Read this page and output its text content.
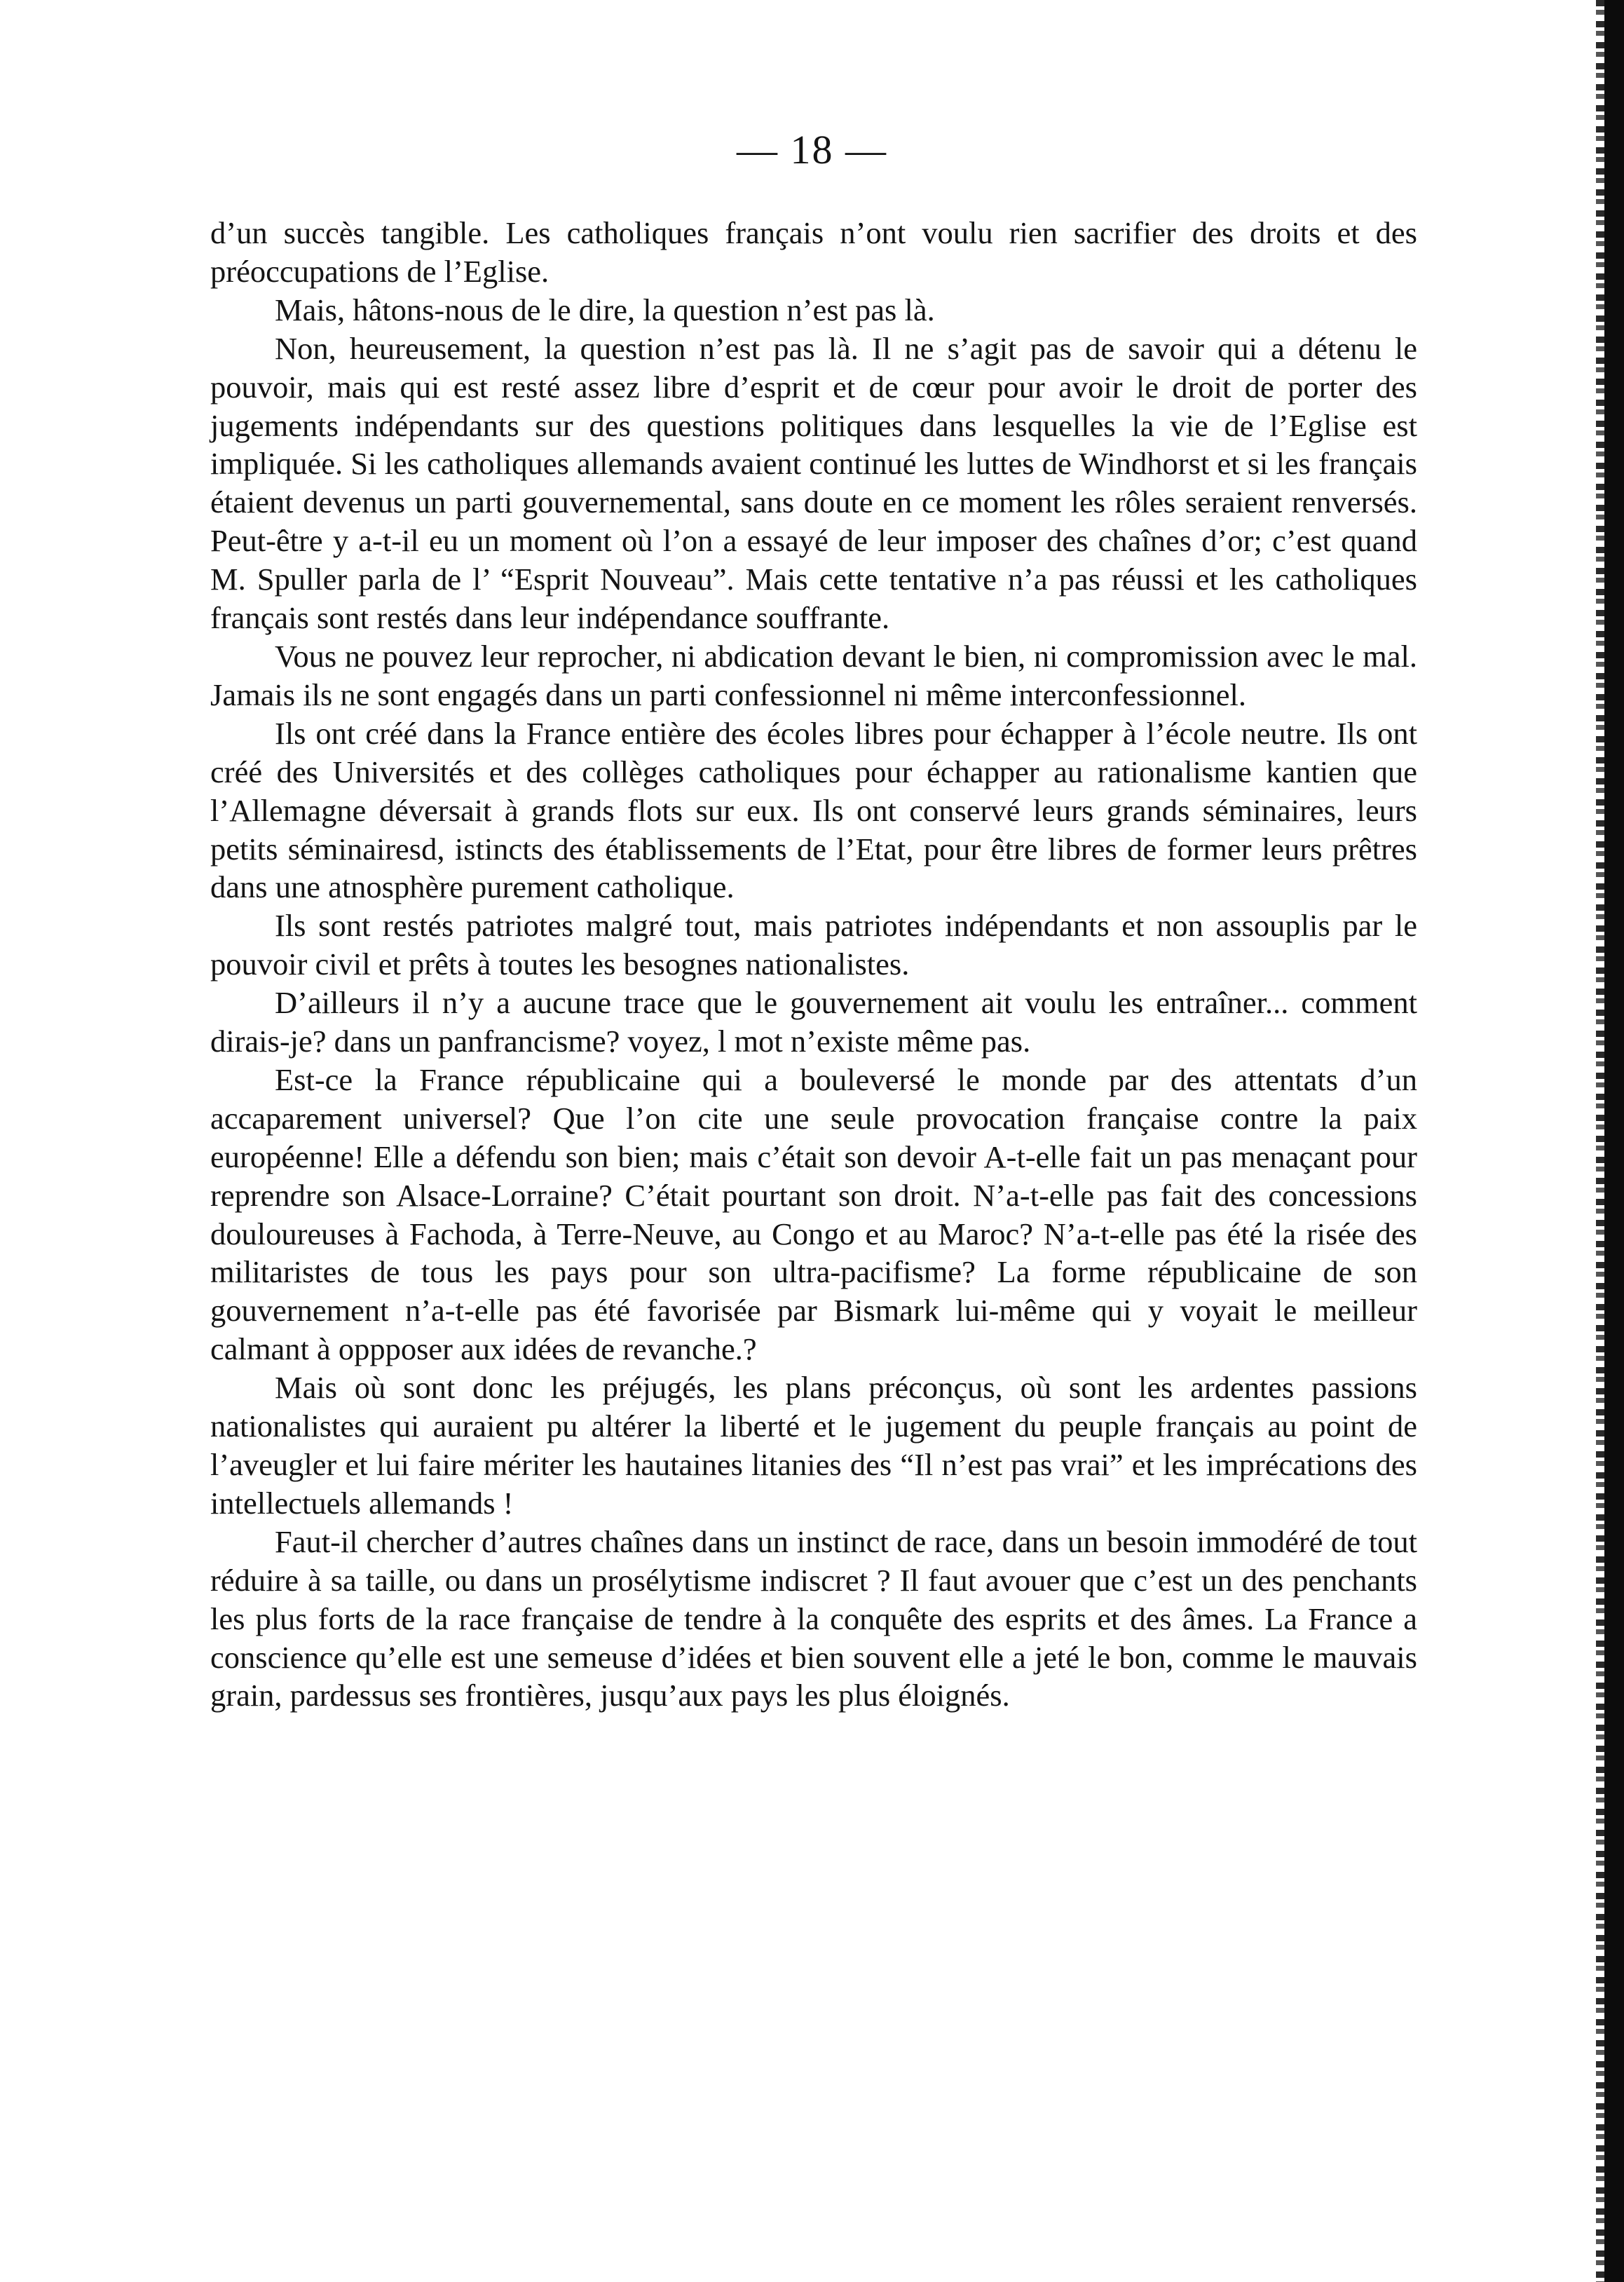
— 18 —

d’un succès tangible. Les catholiques français n’ont voulu rien sacrifier des droits et des préoccupations de l’Eglise.

Mais, hâtons-nous de le dire, la question n’est pas là.

Non, heureusement, la question n’est pas là. Il ne s’agit pas de savoir qui a détenu le pouvoir, mais qui est resté assez libre d’esprit et de cœur pour avoir le droit de porter des jugements indépendants sur des questions politiques dans lesquelles la vie de l’Eglise est impliquée. Si les catholiques allemands avaient continué les luttes de Windhorst et si les français étaient devenus un parti gouvernemental, sans doute en ce moment les rôles seraient renversés. Peut-être y a-t-il eu un moment où l’on a essayé de leur imposer des chaînes d’or; c’est quand M. Spuller parla de l’ “Esprit Nouveau”. Mais cette tentative n’a pas réussi et les catholiques français sont restés dans leur indépendance souffrante.

Vous ne pouvez leur reprocher, ni abdication devant le bien, ni compromission avec le mal. Jamais ils ne sont engagés dans un parti confessionnel ni même interconfessionnel.

Ils ont créé dans la France entière des écoles libres pour échapper à l’école neutre. Ils ont créé des Universités et des collèges catholiques pour échapper au rationalisme kantien que l’Allemagne déversait à grands flots sur eux. Ils ont conservé leurs grands séminaires, leurs petits séminairesd, istincts des établissements de l’Etat, pour être libres de former leurs prêtres dans une atnosphère purement catholique.

Ils sont restés patriotes malgré tout, mais patriotes indépendants et non assouplis par le pouvoir civil et prêts à toutes les besognes nationalistes.

D’ailleurs il n’y a aucune trace que le gouvernement ait voulu les entraîner... comment dirais-je? dans un panfrancisme? voyez, l mot n’existe même pas.

Est-ce la France républicaine qui a bouleversé le monde par des attentats d’un accaparement universel? Que l’on cite une seule provocation française contre la paix européenne! Elle a défendu son bien; mais c’était son devoir A-t-elle fait un pas menaçant pour reprendre son Alsace-Lorraine? C’était pourtant son droit. N’a-t-elle pas fait des concessions douloureuses à Fachoda, à Terre-Neuve, au Congo et au Maroc? N’a-t-elle pas été la risée des militaristes de tous les pays pour son ultra-pacifisme? La forme républicaine de son gouvernement n’a-t-elle pas été favorisée par Bismark lui-même qui y voyait le meilleur calmant à oppposer aux idées de revanche.?

Mais où sont donc les préjugés, les plans préconçus, où sont les ardentes passions nationalistes qui auraient pu altérer la liberté et le jugement du peuple français au point de l’aveugler et lui faire mériter les hautaines litanies des “Il n’est pas vrai” et les imprécations des intellectuels allemands !

Faut-il chercher d’autres chaînes dans un instinct de race, dans un besoin immodéré de tout réduire à sa taille, ou dans un prosélytisme indiscret ? Il faut avouer que c’est un des penchants les plus forts de la race française de tendre à la conquête des esprits et des âmes. La France a conscience qu’elle est une semeuse d’idées et bien souvent elle a jeté le bon, comme le mauvais grain, pardessus ses frontières, jusqu’aux pays les plus éloignés.
